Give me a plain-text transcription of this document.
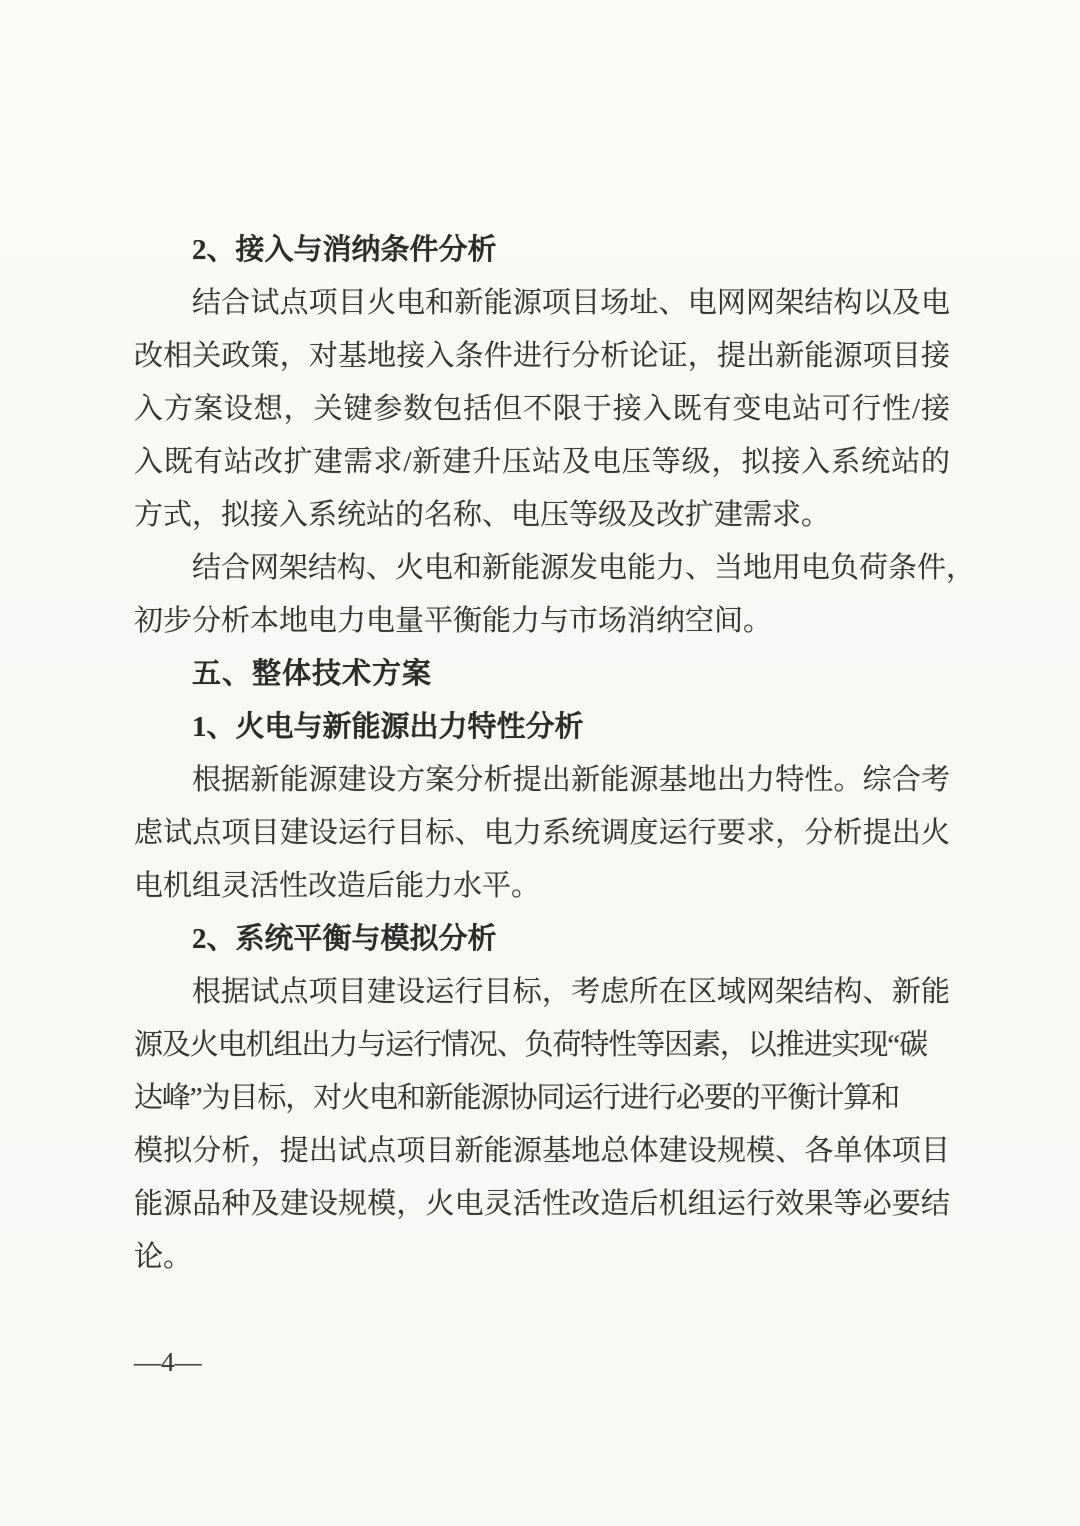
2、接入与消纳条件分析
结合试点项目火电和新能源项目场址、电网网架结构以及电
改相关政策，对基地接入条件进行分析论证，提出新能源项目接
入方案设想，关键参数包括但不限于接入既有变电站可行性/接
入既有站改扩建需求/新建升压站及电压等级，拟接入系统站的
方式，拟接入系统站的名称、电压等级及改扩建需求。
结合网架结构、火电和新能源发电能力、当地用电负荷条件，
初步分析本地电力电量平衡能力与市场消纳空间。
五、整体技术方案
1、火电与新能源出力特性分析
根据新能源建设方案分析提出新能源基地出力特性。综合考
虑试点项目建设运行目标、电力系统调度运行要求，分析提出火
电机组灵活性改造后能力水平。
2、系统平衡与模拟分析
根据试点项目建设运行目标，考虑所在区域网架结构、新能
源及火电机组出力与运行情况、负荷特性等因素，以推进实现“碳
达峰”为目标，对火电和新能源协同运行进行必要的平衡计算和
模拟分析，提出试点项目新能源基地总体建设规模、各单体项目
能源品种及建设规模，火电灵活性改造后机组运行效果等必要结
论。
—4—
